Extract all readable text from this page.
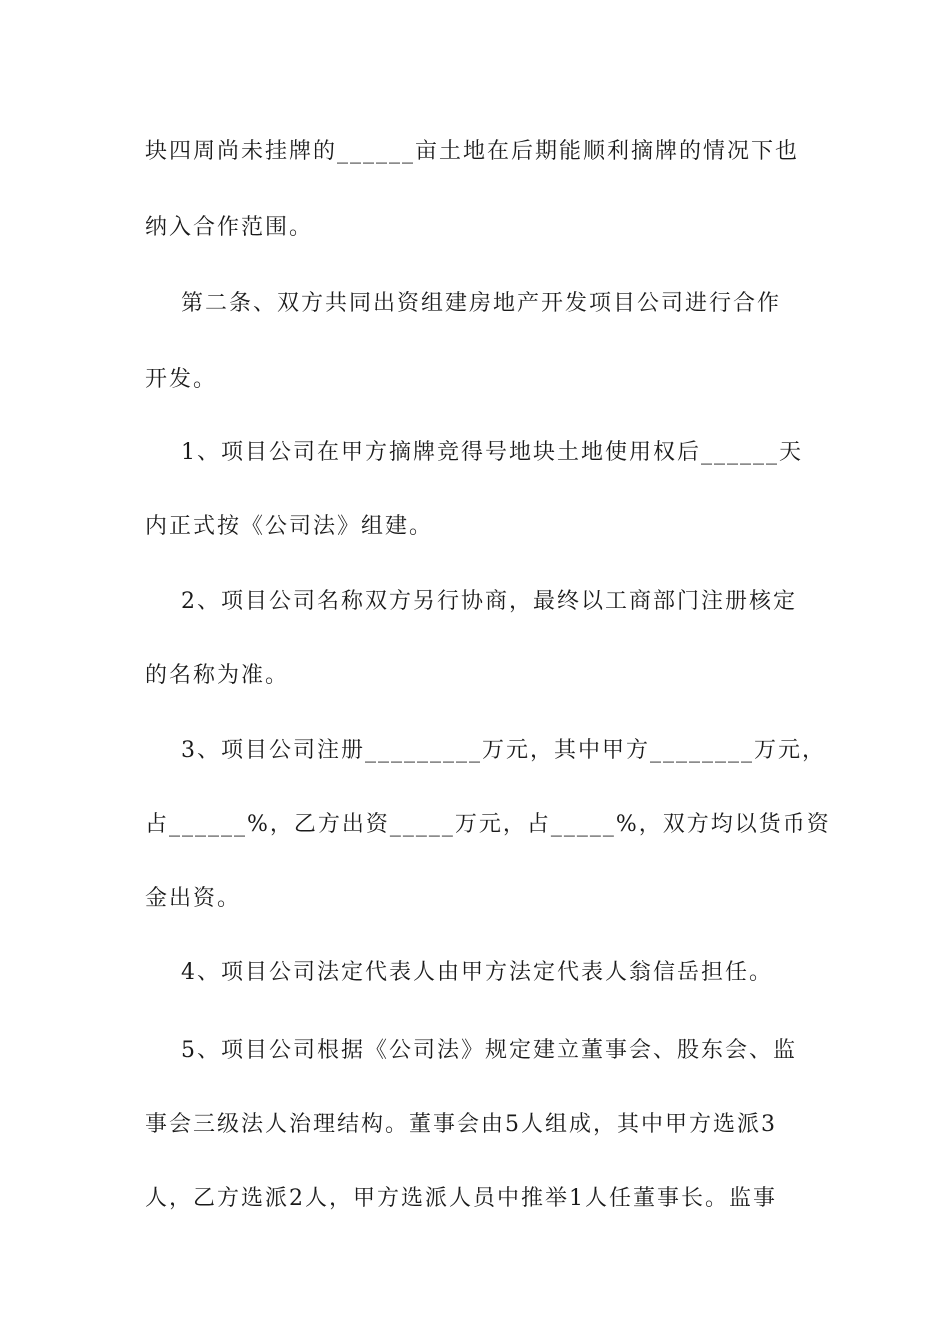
块四周尚未挂牌的______亩土地在后期能顺利摘牌的情况下也
纳入合作范围。
第二条、双方共同出资组建房地产开发项目公司进行合作
开发。
1、项目公司在甲方摘牌竞得号地块土地使用权后______天
内正式按《公司法》组建。
2、项目公司名称双方另行协商，最终以工商部门注册核定
的名称为准。
3、项目公司注册_________万元，其中甲方________万元，
占______%，乙方出资_____万元，占_____%，双方均以货币资
金出资。
4、项目公司法定代表人由甲方法定代表人翁信岳担任。
5、项目公司根据《公司法》规定建立董事会、股东会、监
事会三级法人治理结构。董事会由5人组成，其中甲方选派3
人，乙方选派2人，甲方选派人员中推举1人任董事长。监事
